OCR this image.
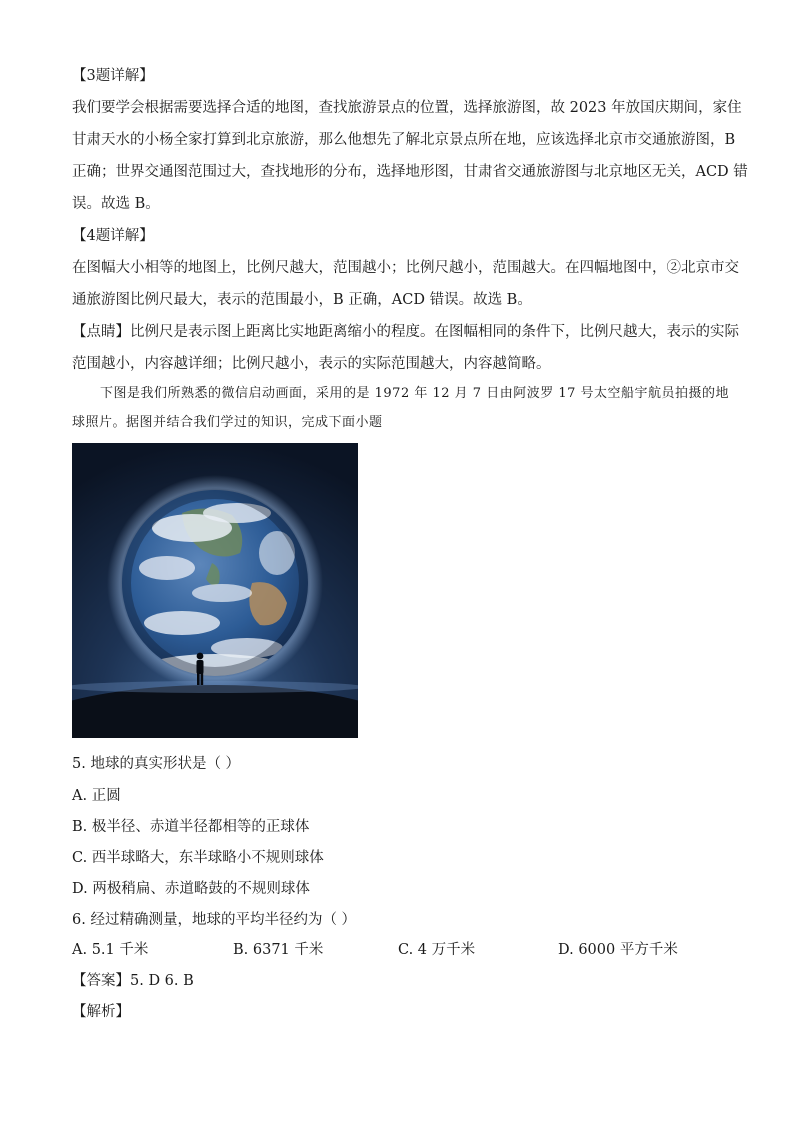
【3题详解】
我们要学会根据需要选择合适的地图，查找旅游景点的位置，选择旅游图，故 2023 年放国庆期间，家住
甘肃天水的小杨全家打算到北京旅游，那么他想先了解北京景点所在地，应该选择北京市交通旅游图，B
正确；世界交通图范围过大，查找地形的分布，选择地形图，甘肃省交通旅游图与北京地区无关，ACD 错
误。故选 B。
【4题详解】
在图幅大小相等的地图上，比例尺越大，范围越小；比例尺越小，范围越大。在四幅地图中，②北京市交
通旅游图比例尺最大，表示的范围最小，B 正确，ACD 错误。故选 B。
【点睛】比例尺是表示图上距离比实地距离缩小的程度。在图幅相同的条件下，比例尺越大，表示的实际
范围越小，内容越详细；比例尺越小，表示的实际范围越大，内容越简略。
下图是我们所熟悉的微信启动画面，采用的是 1972 年 12 月 7 日由阿波罗 17 号太空船宇航员拍摄的地
球照片。据图并结合我们学过的知识，完成下面小题
5. 地球的真实形状是（ ）
A. 正圆
B. 极半径、赤道半径都相等的正球体
C. 西半球略大，东半球略小不规则球体
D. 两极稍扁、赤道略鼓的不规则球体
6. 经过精确测量，地球的平均半径约为（ ）
A. 5.1 千米	B. 6371 千米	C. 4 万千米	D. 6000 平方千米
【答案】5. D 6. B
【解析】
